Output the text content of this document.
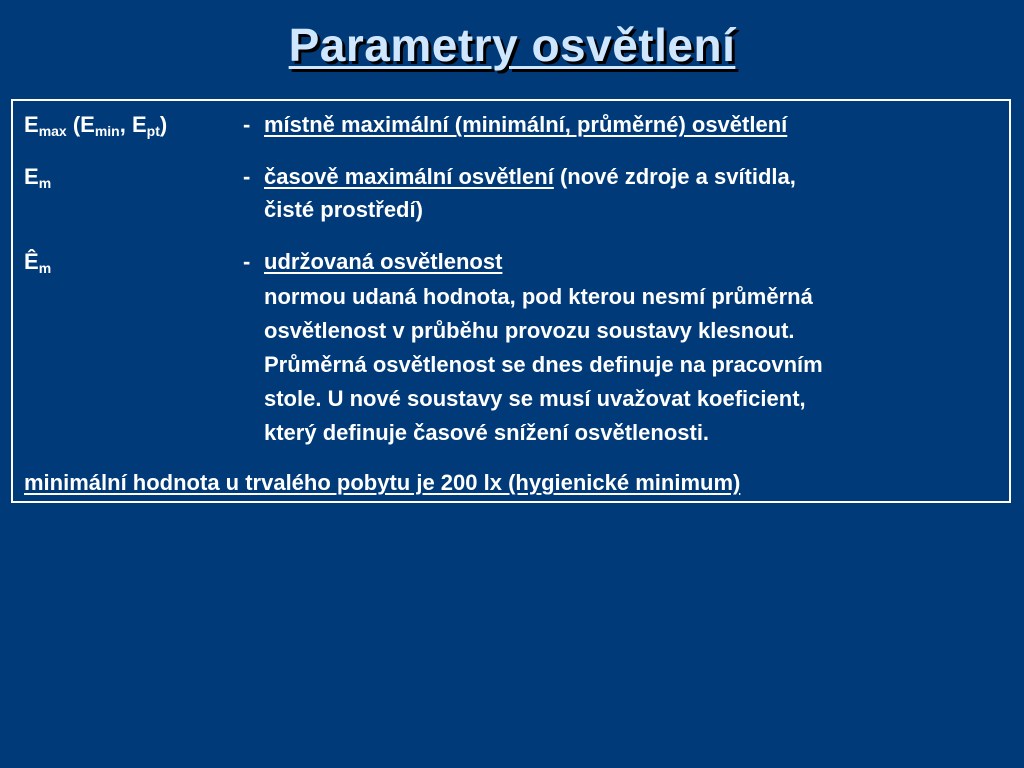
Parametry osvětlení
$E_{max}$ ($E_{min}$, $E_{pt}$)	- místně maximální (minimální, průměrné) osvětlení
$E_m$	- časově maximální osvětlení (nové zdroje a svítidla,
čisté prostředí)
$Ê_m$	- udržovaná osvětlenost
normou udaná hodnota, pod kterou nesmí průměrná
osvětlenost v průběhu provozu soustavy klesnout.
Průměrná osvětlenost se dnes definuje na pracovním
stole. U nové soustavy se musí uvažovat koeficient,
který definuje časové snížení osvětlenosti.
minimální hodnota u trvalého pobytu je 200 lx (hygienické minimum)
